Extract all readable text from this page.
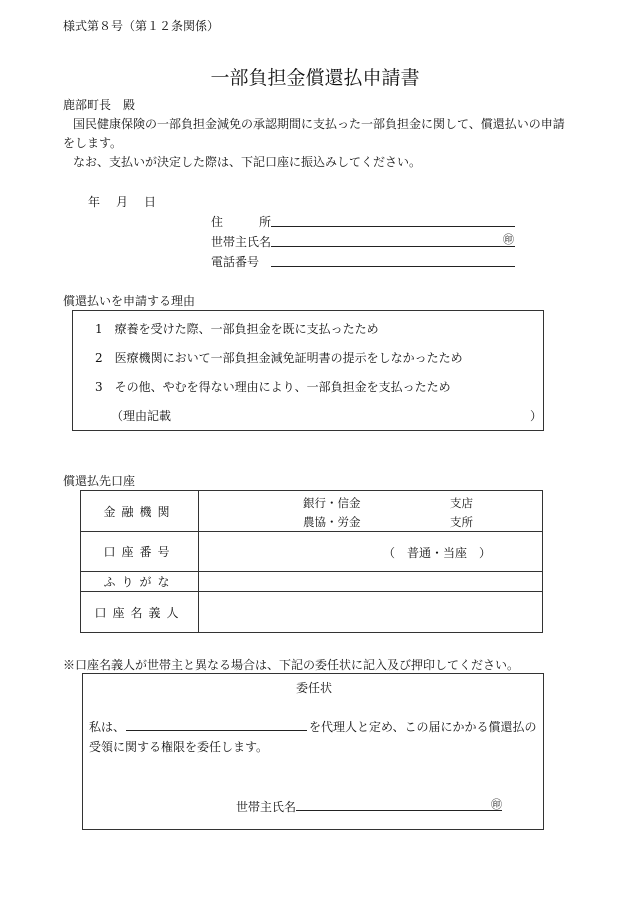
様式第８号（第１２条関係）
一部負担金償還払申請書
鹿部町長　殿
国民健康保険の一部負担金減免の承認期間に支払った一部負担金に関して、償還払いの申請
をします。
なお、支払いが決定した際は、下記口座に振込みしてください。
年　月　日
住　　　所
世帯主氏名	㊞
電話番号
償還払いを申請する理由
1　療養を受けた際、一部負担金を既に支払ったため
2　医療機関において一部負担金減免証明書の提示をしなかったため
3　その他、やむを得ない理由により、一部負担金を支払ったため
（理由記載	）
償還払先口座
金融機関	銀行・信金 支店
農協・労金 支所

口座番号	（　普通・当座　）

ふりがな	
口座名義人	
※口座名義人が世帯主と異なる場合は、下記の委任状に記入及び押印してください。
委任状
私は、	を代理人と定め、この届にかかる償還払の
受領に関する権限を委任します。
世帯主氏名	㊞
